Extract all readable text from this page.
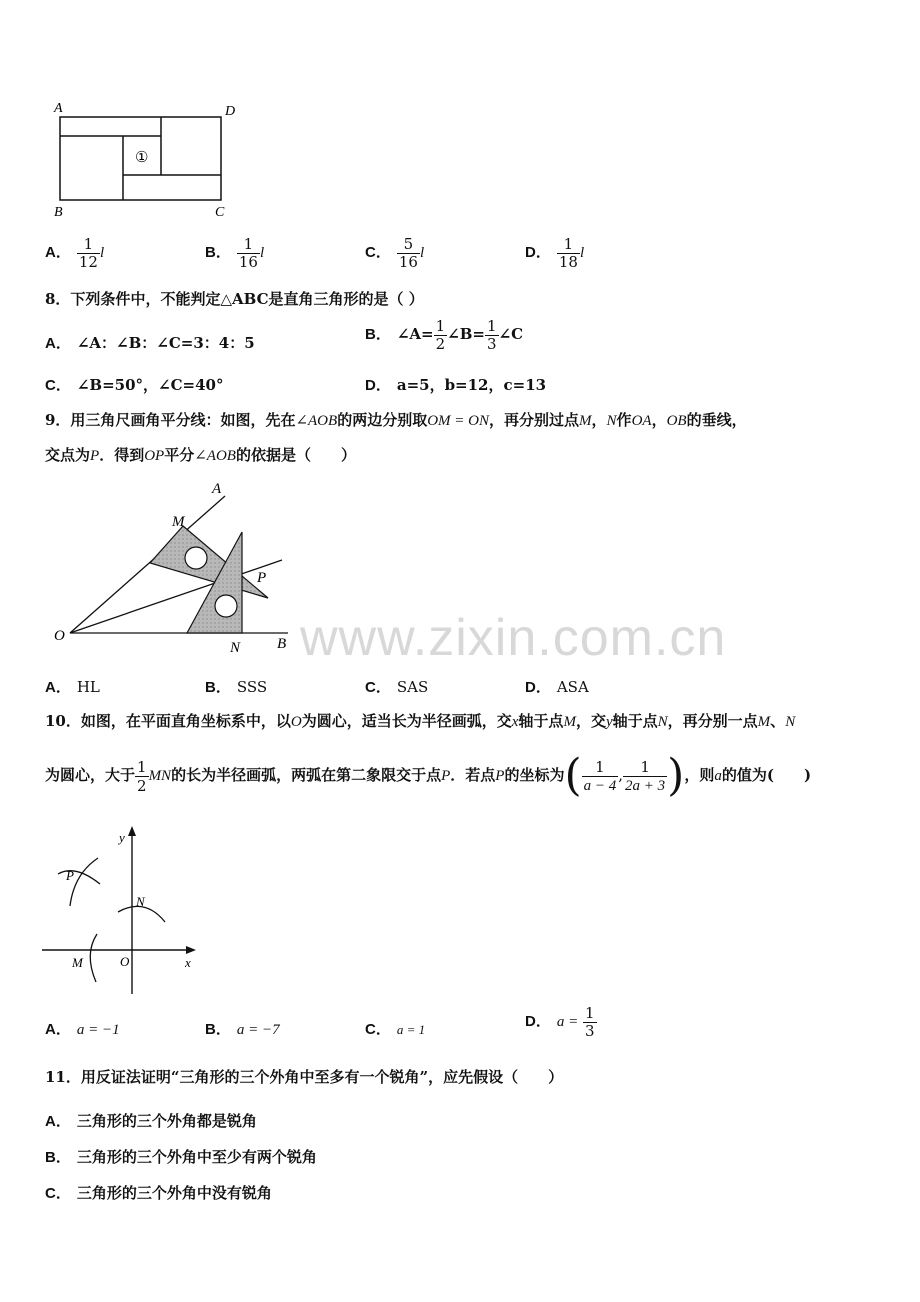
A	D
B	C
①
A． $\frac{1}{12}$ l	B． $\frac{1}{16}$ l	C． $\frac{5}{16}$ l	D． $\frac{1}{18}$ l
8．下列条件中，不能判定△ABC是直角三角形的是（ ）
A． ∠A：∠B：∠C=3：4：5	B． ∠A= $\frac{1}{2}$ ∠B= $\frac{1}{3}$ ∠C
C． ∠B=50°，∠C=40°	D． a=5，b=12，c=13
9．用三角尺画角平分线：如图，先在∠AOB的两边分别取OM = ON，再分别过点M，N作OA，OB的垂线，
交点为P．得到OP平分∠AOB的依据是（　　）
A
M
P
O
N B www.zixin.com.cn
A． HL	B． SSS	C． SAS	D． ASA
10．如图，在平面直角坐标系中，以O为圆心，适当长为半径画弧，交x轴于点M，交y轴于点N，再分别一点M、N
为圆心，大于 $\frac{1}{2}$ MN的长为半径画弧，两弧在第二象限交于点P．若点P的坐标为( $\frac{1}{a - 4}$ , $\frac{1}{2a + 3}$ )，则a的值为(　　)
y
x
P
N
M	O
A． a = −1	B． a = −7	C． a = 1	D． $a = \frac{1}{3}$
11．用反证法证明“三角形的三个外角中至多有一个锐角”，应先假设（　　）
A． 三角形的三个外角都是锐角
B． 三角形的三个外角中至少有两个锐角
C． 三角形的三个外角中没有锐角
